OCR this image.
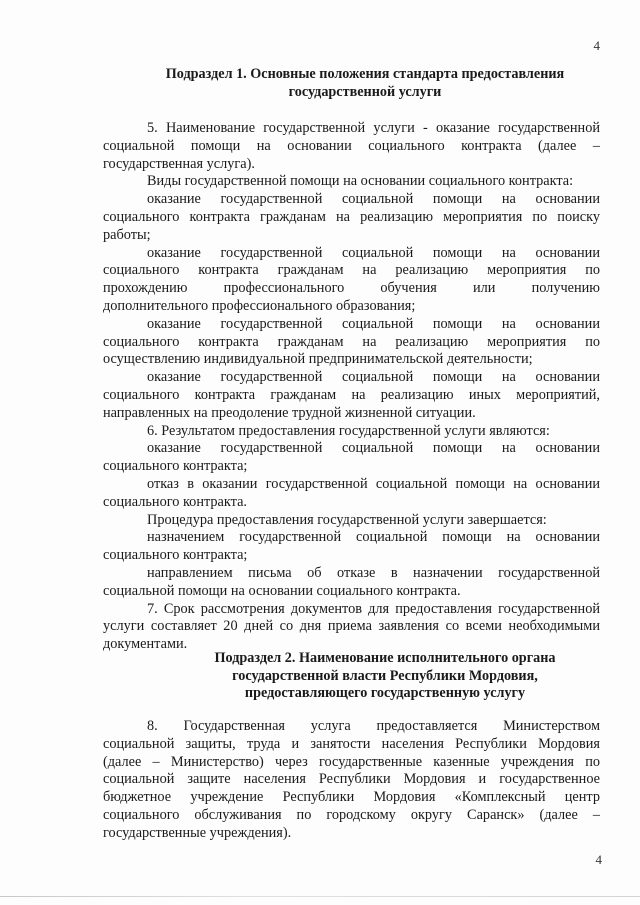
4
Подраздел 1. Основные положения стандарта предоставления
государственной услуги
5. Наименование государственной услуги - оказание государственной
социальной помощи на основании социального контракта (далее –
государственная услуга).
Виды государственной помощи на основании социального контракта:
оказание государственной социальной помощи на основании
социального контракта гражданам на реализацию мероприятия по поиску
работы;
оказание государственной социальной помощи на основании
социального контракта гражданам на реализацию мероприятия по
прохождению профессионального обучения или получению
дополнительного профессионального образования;
оказание государственной социальной помощи на основании
социального контракта гражданам на реализацию мероприятия по
осуществлению индивидуальной предпринимательской деятельности;
оказание государственной социальной помощи на основании
социального контракта гражданам на реализацию иных мероприятий,
направленных на преодоление трудной жизненной ситуации.
6. Результатом предоставления государственной услуги являются:
оказание государственной социальной помощи на основании
социального контракта;
отказ в оказании государственной социальной помощи на основании
социального контракта.
Процедура предоставления государственной услуги завершается:
назначением государственной социальной помощи на основании
социального контракта;
направлением письма об отказе в назначении государственной
социальной помощи на основании социального контракта.
7. Срок рассмотрения документов для предоставления государственной
услуги составляет 20 дней со дня приема заявления со всеми необходимыми
документами.
Подраздел 2. Наименование исполнительного органа
государственной власти Республики Мордовия,
предоставляющего государственную услугу
8. Государственная услуга предоставляется Министерством
социальной защиты, труда и занятости населения Республики Мордовия
(далее – Министерство) через государственные казенные учреждения по
социальной защите населения Республики Мордовия и государственное
бюджетное учреждение Республики Мордовия «Комплексный центр
социального обслуживания по городскому округу Саранск» (далее –
государственные учреждения).
4
